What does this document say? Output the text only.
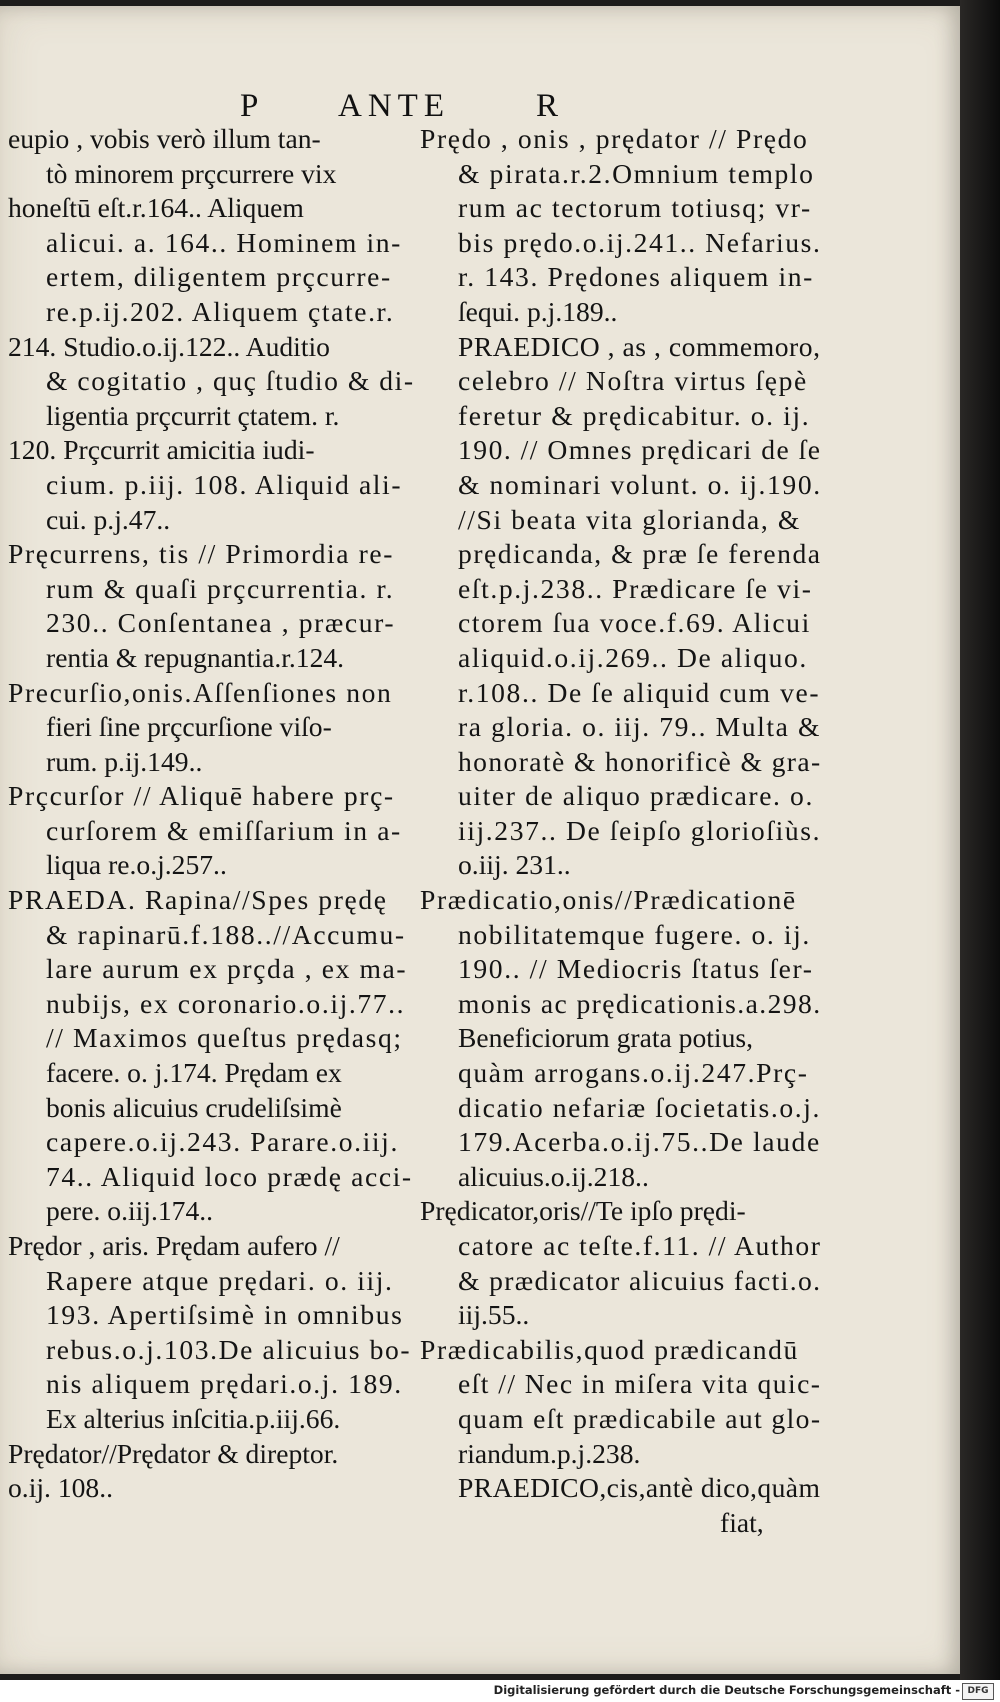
P ANTE	R
eupio , vobis verò illum tan-
tò minorem prçcurrere vix
honeſtū eſt.r.164.. Aliquem
alicui. a. 164.. Hominem in-
ertem, diligentem prçcurre-
re.p.ij.202. Aliquem çtate.r.
214. Studio.o.ij.122.. Auditio
& cogitatio , quç ſtudio & di-
ligentia prçcurrit çtatem. r.
120. Prçcurrit amicitia iudi-
cium. p.iij. 108. Aliquid ali-
cui. p.j.47..
Pręcurrens, tis // Primordia re-
rum & quaſi prçcurrentia. r.
230.. Conſentanea , præcur-
rentia & repugnantia.r.124.
Precurſio,onis.Aſſenſiones non
fieri ſine prçcurſione viſo-
rum. p.ij.149..
Prçcurſor // Aliquē habere prç-
curſorem & emiſſarium in a-
liqua re.o.j.257..
PRAEDA. Rapina//Spes prędę
& rapinarū.f.188..//Accumu-
lare aurum ex prçda , ex ma-
nubijs, ex coronario.o.ij.77..
// Maximos queſtus prędasq;
facere. o. j.174. Prędam ex
bonis alicuius crudeliſsimè
capere.o.ij.243. Parare.o.iij.
74.. Aliquid loco prædę acci-
pere. o.iij.174..
Prędor , aris. Prędam aufero //
Rapere atque prędari. o. iij.
193. Apertiſsimè in omnibus
rebus.o.j.103.De alicuius bo-
nis aliquem prędari.o.j. 189.
Ex alterius inſcitia.p.iij.66.
Prędator//Prędator & direptor.
o.ij. 108..
Prędo , onis , prędator // Prędo
& pirata.r.2.Omnium templo
rum ac tectorum totiusq; vr-
bis prędo.o.ij.241.. Nefarius.
r. 143. Prędones aliquem in-
ſequi. p.j.189..
PRAEDICO , as , commemoro,
celebro // Noſtra virtus ſępè
feretur & prędicabitur. o. ij.
190. // Omnes prędicari de ſe
& nominari volunt. o. ij.190.
//Si beata vita glorianda, &
prędicanda, & præ ſe ferenda
eſt.p.j.238.. Prædicare ſe vi-
ctorem ſua voce.f.69. Alicui
aliquid.o.ij.269.. De aliquo.
r.108.. De ſe aliquid cum ve-
ra gloria. o. iij. 79.. Multa &
honoratè & honorificè & gra-
uiter de aliquo prædicare. o.
iij.237.. De ſeipſo glorioſiùs.
o.iij. 231..
Prædicatio,onis//Prædicationē
nobilitatemque fugere. o. ij.
190.. // Mediocris ſtatus ſer-
monis ac prędicationis.a.298.
Beneficiorum grata potius,
quàm arrogans.o.ij.247.Prç-
dicatio nefariæ ſocietatis.o.j.
179.Acerba.o.ij.75..De laude
alicuius.o.ij.218..
Prędicator,oris//Te ipſo prędi-
catore ac teſte.f.11. // Author
& prædicator alicuius facti.o.
iij.55..
Prædicabilis,quod prædicandū
eſt // Nec in miſera vita quic-
quam eſt prædicabile aut glo-
riandum.p.j.238.
PRAEDICO,cis,antè dico,quàm
fiat,
Digitalisierung gefördert durch die Deutsche Forschungsgemeinschaft - DFG
